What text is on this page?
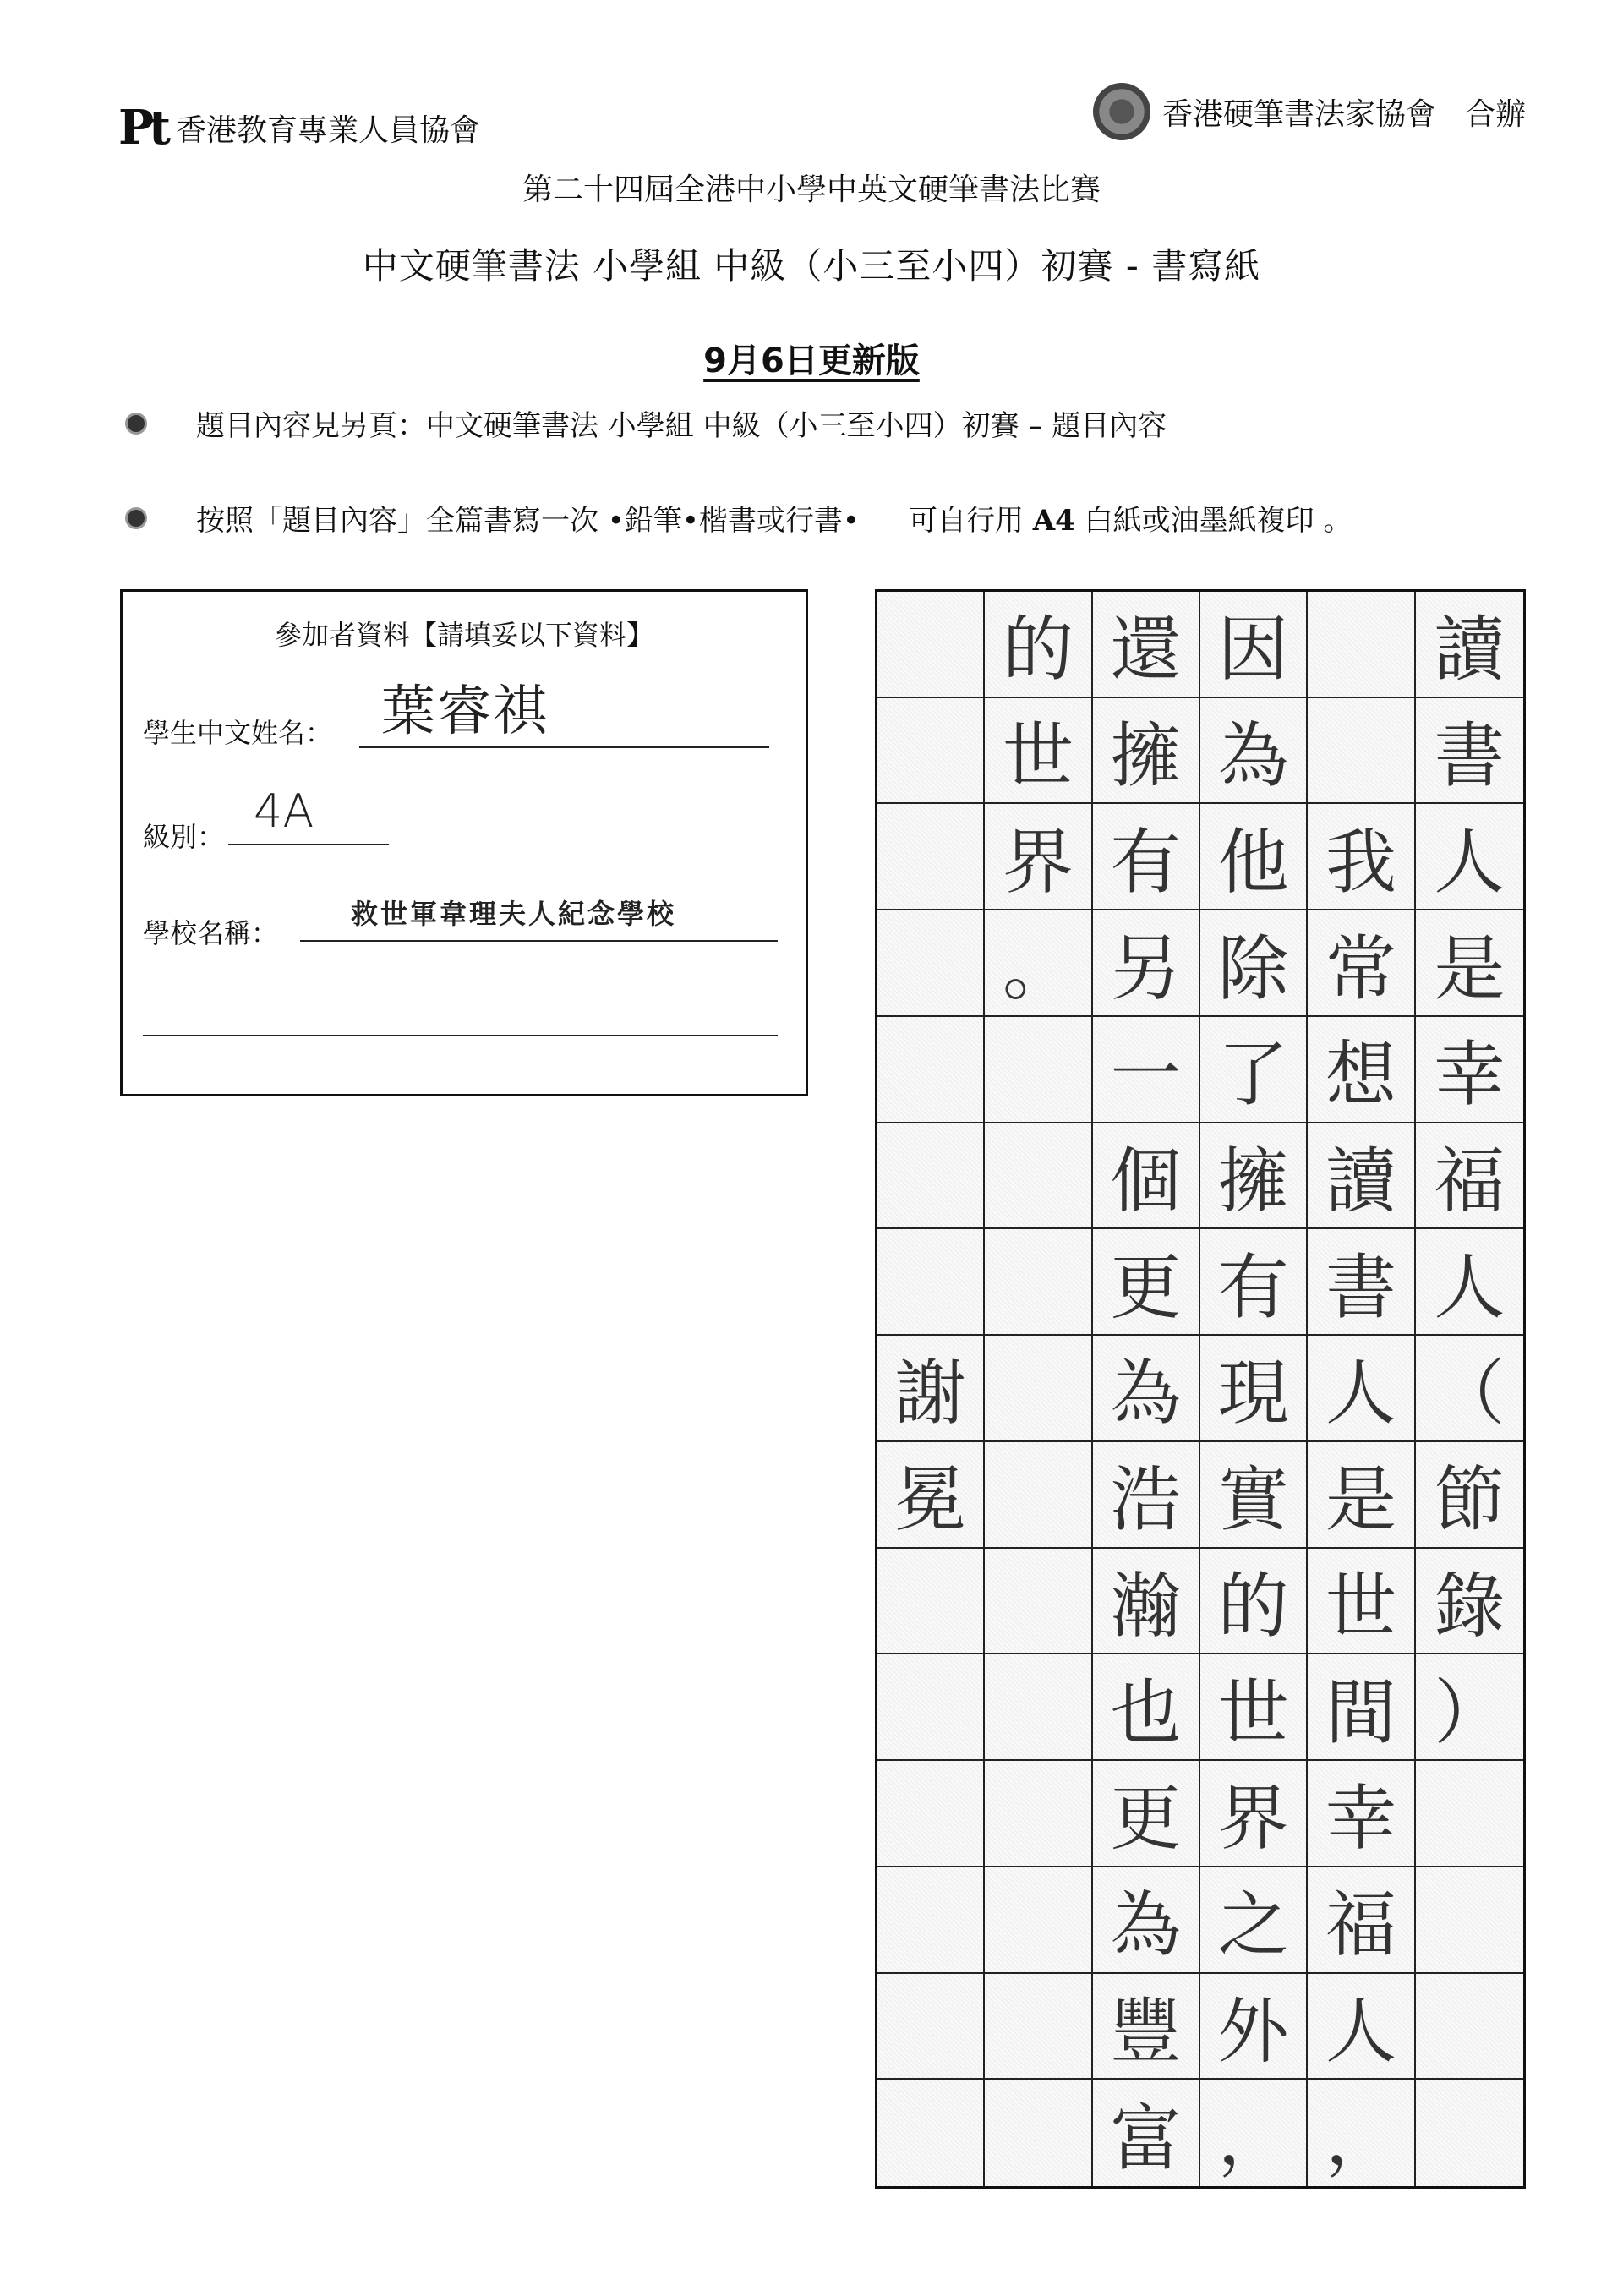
Pt 香港教育專業人員協會	香港硬筆書法家協會 合辦
第二十四屆全港中小學中英文硬筆書法比賽
中文硬筆書法 小學組 中級（小三至小四）初賽 - 書寫紙
9月6日更新版
題目內容見另頁：中文硬筆書法 小學組 中級（小三至小四）初賽 – 題目內容
按照「題目內容」全篇書寫一次 •鉛筆•楷書或行書• 可自行用 A4 白紙或油墨紙複印 。
參加者資料【請填妥以下資料】
學生中文姓名： 葉睿祺
級別： 4A
學校名稱：
救世軍韋理夫人紀念學校
讀
書
人
是
幸
福
人
（
節
錄
）
我
常
想
讀
書
人
是
世
間
幸
福
人
，
因
為
他
除
了
擁
有
現
實
的
世
界
之
外
，
還
擁
有
另
一
個
更
為
浩
瀚
也
更
為
豐
富
的
世
界
。
謝
冕
